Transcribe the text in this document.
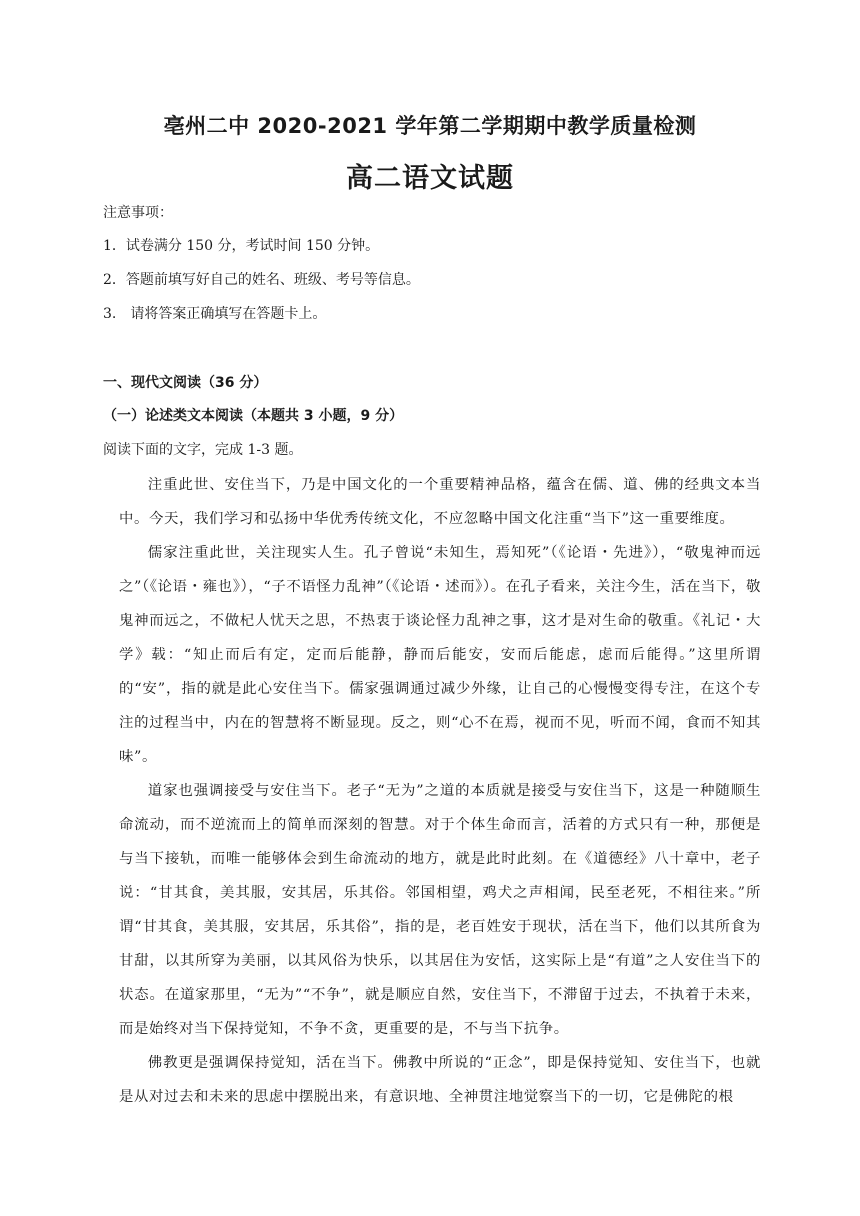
亳州二中 2020-2021 学年第二学期期中教学质量检测
高二语文试题
注意事项：
1．试卷满分 150 分，考试时间 150 分钟。
2．答题前填写好自己的姓名、班级、考号等信息。
3.　请将答案正确填写在答题卡上。
一、现代文阅读（36 分）
（一）论述类文本阅读（本题共 3 小题，9 分）
阅读下面的文字，完成 1-3 题。

注重此世、安住当下，乃是中国文化的一个重要精神品格，蕴含在儒、道、佛的经典文本当中。今天，我们学习和弘扬中华优秀传统文化，不应忽略中国文化注重“当下”这一重要维度。

儒家注重此世，关注现实人生。孔子曾说“未知生，焉知死”（《论语・先进》），“敬鬼神而远之”（《论语・雍也》），“子不语怪力乱神”（《论语・述而》）。在孔子看来，关注今生，活在当下，敬鬼神而远之，不做杞人忧天之思，不热衷于谈论怪力乱神之事，这才是对生命的敬重。《礼记・大学》载：“知止而后有定，定而后能静，静而后能安，安而后能虑，虑而后能得。”这里所谓的“安”，指的就是此心安住当下。儒家强调通过减少外缘，让自己的心慢慢变得专注，在这个专注的过程当中，内在的智慧将不断显现。反之，则“心不在焉，视而不见，听而不闻，食而不知其味”。

道家也强调接受与安住当下。老子“无为”之道的本质就是接受与安住当下，这是一种随顺生命流动，而不逆流而上的简单而深刻的智慧。对于个体生命而言，活着的方式只有一种，那便是与当下接轨，而唯一能够体会到生命流动的地方，就是此时此刻。在《道德经》八十章中，老子说：“甘其食，美其服，安其居，乐其俗。邻国相望，鸡犬之声相闻，民至老死，不相往来。”所谓“甘其食，美其服，安其居，乐其俗”，指的是，老百姓安于现状，活在当下，他们以其所食为甘甜，以其所穿为美丽，以其风俗为快乐，以其居住为安恬，这实际上是“有道”之人安住当下的状态。在道家那里，“无为”“不争”，就是顺应自然，安住当下，不滞留于过去，不执着于未来，而是始终对当下保持觉知，不争不贪，更重要的是，不与当下抗争。

佛教更是强调保持觉知，活在当下。佛教中所说的“正念”，即是保持觉知、安住当下，也就是从对过去和未来的思虑中摆脱出来，有意识地、全神贯注地觉察当下的一切，它是佛陀的根
